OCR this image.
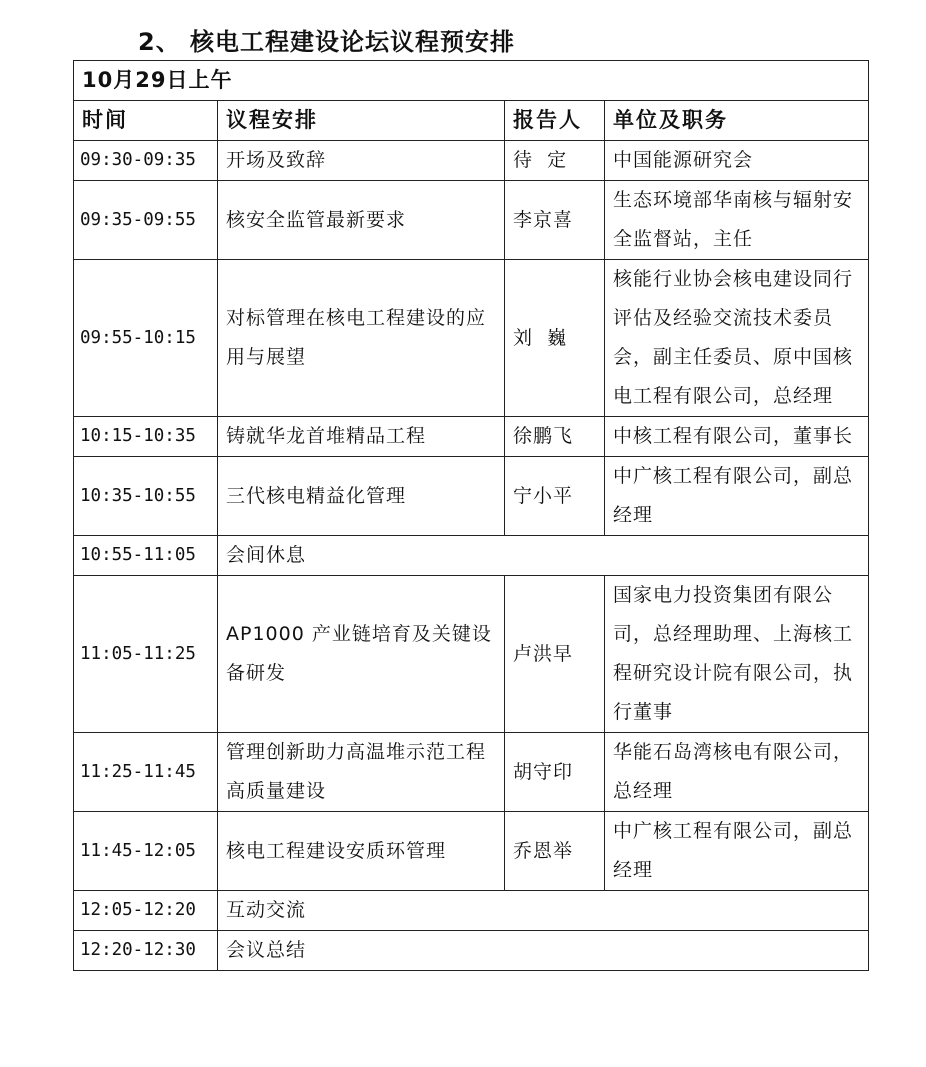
2、 核电工程建设论坛议程预安排
10月29日上午			
时间	议程安排	报告人	单位及职务
09:30-09:35	开场及致辞	待  定	中国能源研究会
09:35-09:55	核安全监管最新要求	李京喜	生态环境部华南核与辐射安全监督站，主任
09:55-10:15	对标管理在核电工程建设的应用与展望	刘  巍	核能行业协会核电建设同行评估及经验交流技术委员会，副主任委员、原中国核电工程有限公司，总经理
10:15-10:35	铸就华龙首堆精品工程	徐鹏飞	中核工程有限公司，董事长
10:35-10:55	三代核电精益化管理	宁小平	中广核工程有限公司，副总经理
10:55-11:05	会间休息		
11:05-11:25	AP1000 产业链培育及关键设备研发	卢洪早	国家电力投资集团有限公司，总经理助理、上海核工程研究设计院有限公司，执行董事
11:25-11:45	管理创新助力高温堆示范工程高质量建设	胡守印	华能石岛湾核电有限公司，总经理
11:45-12:05	核电工程建设安质环管理	乔恩举	中广核工程有限公司，副总经理
12:05-12:20	互动交流		
12:20-12:30	会议总结		
